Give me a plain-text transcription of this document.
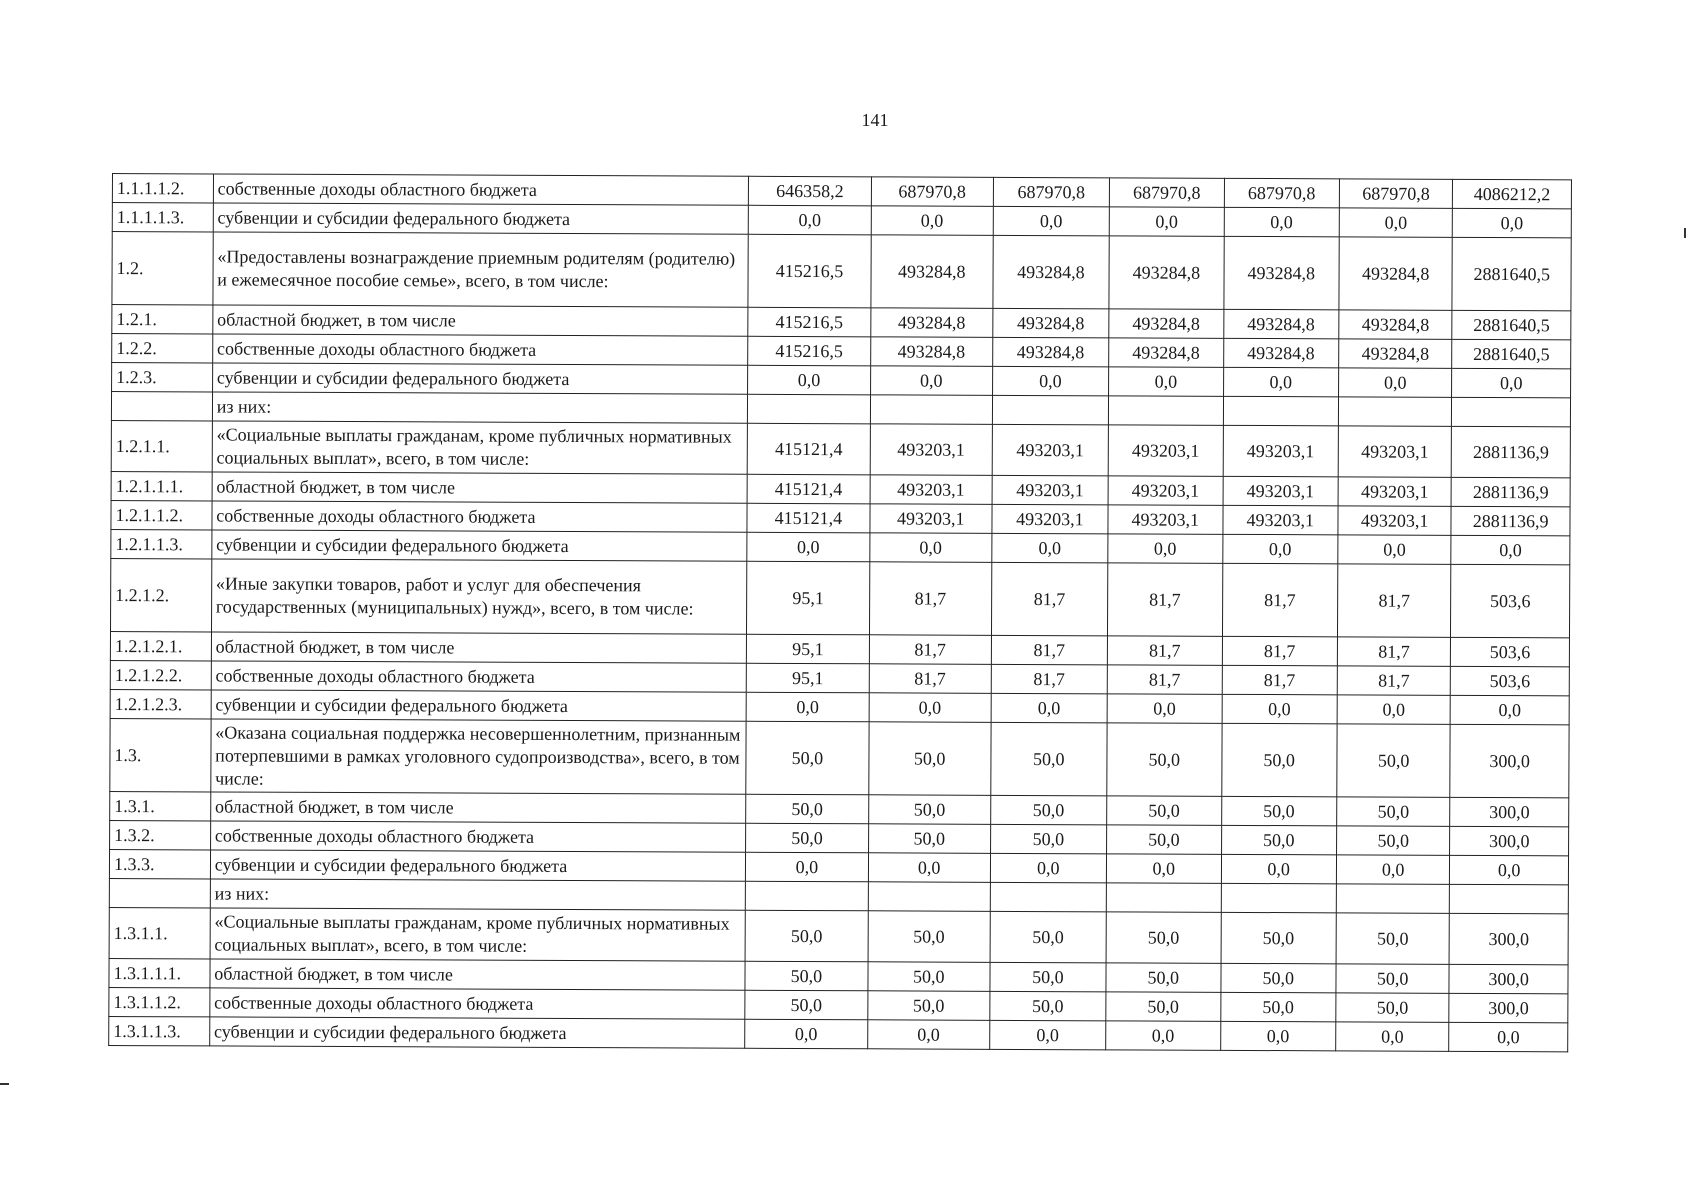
141
1.1.1.1.2.	собственные доходы областного бюджета	646358,2	687970,8	687970,8	687970,8	687970,8	687970,8	4086212,2
1.1.1.1.3.	субвенции и субсидии федерального бюджета	0,0	0,0	0,0	0,0	0,0	0,0	0,0
1.2.	«Предоставлены вознаграждение приемным родителям (родителю) и ежемесячное пособие семье», всего, в том числе:	415216,5	493284,8	493284,8	493284,8	493284,8	493284,8	2881640,5
1.2.1.	областной бюджет, в том числе	415216,5	493284,8	493284,8	493284,8	493284,8	493284,8	2881640,5
1.2.2.	собственные доходы областного бюджета	415216,5	493284,8	493284,8	493284,8	493284,8	493284,8	2881640,5
1.2.3.	субвенции и субсидии федерального бюджета	0,0	0,0	0,0	0,0	0,0	0,0	0,0
	из них:							
1.2.1.1.	«Социальные выплаты гражданам, кроме публичных нормативных социальных выплат», всего, в том числе:	415121,4	493203,1	493203,1	493203,1	493203,1	493203,1	2881136,9
1.2.1.1.1.	областной бюджет, в том числе	415121,4	493203,1	493203,1	493203,1	493203,1	493203,1	2881136,9
1.2.1.1.2.	собственные доходы областного бюджета	415121,4	493203,1	493203,1	493203,1	493203,1	493203,1	2881136,9
1.2.1.1.3.	субвенции и субсидии федерального бюджета	0,0	0,0	0,0	0,0	0,0	0,0	0,0
1.2.1.2.	«Иные закупки товаров, работ и услуг для обеспечения государственных (муниципальных) нужд», всего, в том числе:	95,1	81,7	81,7	81,7	81,7	81,7	503,6
1.2.1.2.1.	областной бюджет, в том числе	95,1	81,7	81,7	81,7	81,7	81,7	503,6
1.2.1.2.2.	собственные доходы областного бюджета	95,1	81,7	81,7	81,7	81,7	81,7	503,6
1.2.1.2.3.	субвенции и субсидии федерального бюджета	0,0	0,0	0,0	0,0	0,0	0,0	0,0
1.3.	«Оказана социальная поддержка несовершеннолетним, признанным потерпевшими в рамках уголовного судопроизводства», всего, в том числе:	50,0	50,0	50,0	50,0	50,0	50,0	300,0
1.3.1.	областной бюджет, в том числе	50,0	50,0	50,0	50,0	50,0	50,0	300,0
1.3.2.	собственные доходы областного бюджета	50,0	50,0	50,0	50,0	50,0	50,0	300,0
1.3.3.	субвенции и субсидии федерального бюджета	0,0	0,0	0,0	0,0	0,0	0,0	0,0
	из них:							
1.3.1.1.	«Социальные выплаты гражданам, кроме публичных нормативных социальных выплат», всего, в том числе:	50,0	50,0	50,0	50,0	50,0	50,0	300,0
1.3.1.1.1.	областной бюджет, в том числе	50,0	50,0	50,0	50,0	50,0	50,0	300,0
1.3.1.1.2.	собственные доходы областного бюджета	50,0	50,0	50,0	50,0	50,0	50,0	300,0
1.3.1.1.3.	субвенции и субсидии федерального бюджета	0,0	0,0	0,0	0,0	0,0	0,0	0,0
